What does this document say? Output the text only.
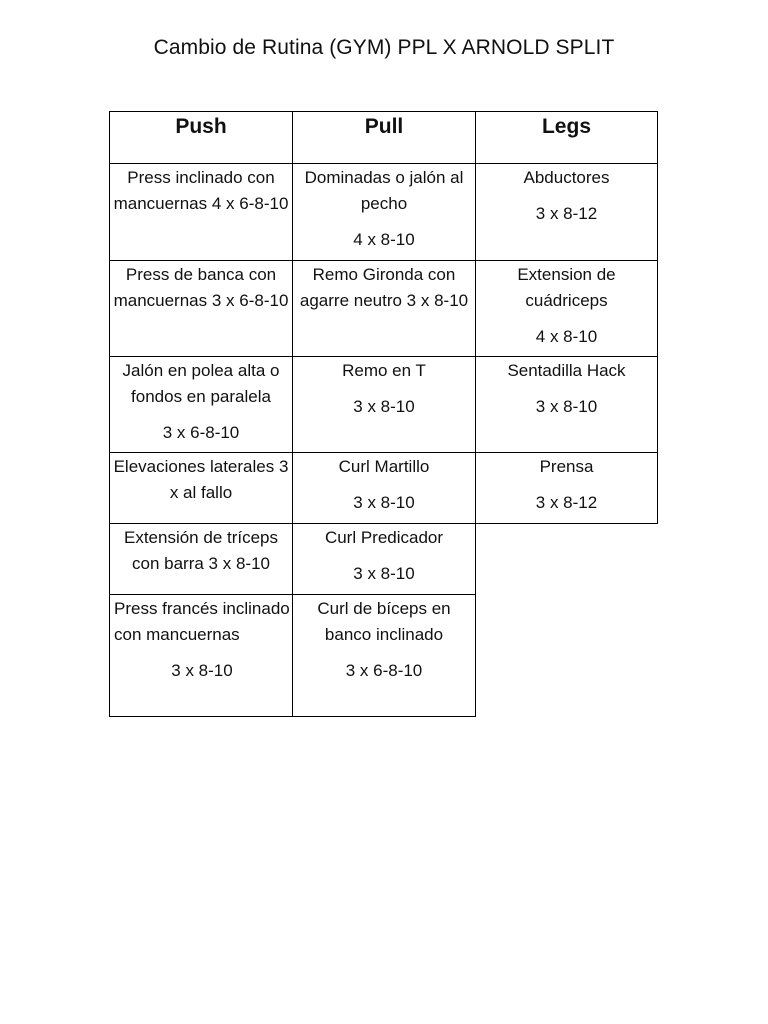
Cambio de Rutina (GYM) PPL X ARNOLD SPLIT
Push	Pull	Legs
Press inclinado con mancuernas 4 x 6-8-10
Dominadas o jalón al pecho
4 x 8-10
Abductores
3 x 8-12
Press de banca con mancuernas 3 x 6-8-10
Remo Gironda con agarre neutro 3 x 8-10
Extension de cuádriceps
4 x 8-10
Jalón en polea alta o fondos en paralela
3 x 6-8-10
Remo en T
3 x 8-10
Sentadilla Hack
3 x 8-10
Elevaciones laterales 3 x al fallo
Curl Martillo
3 x 8-10
Prensa
3 x 8-12
Extensión de tríceps con barra 3 x 8-10
Curl Predicador
3 x 8-10
Press francés inclinado con mancuernas
3 x 8-10
Curl de bíceps en banco inclinado
3 x 6-8-10
